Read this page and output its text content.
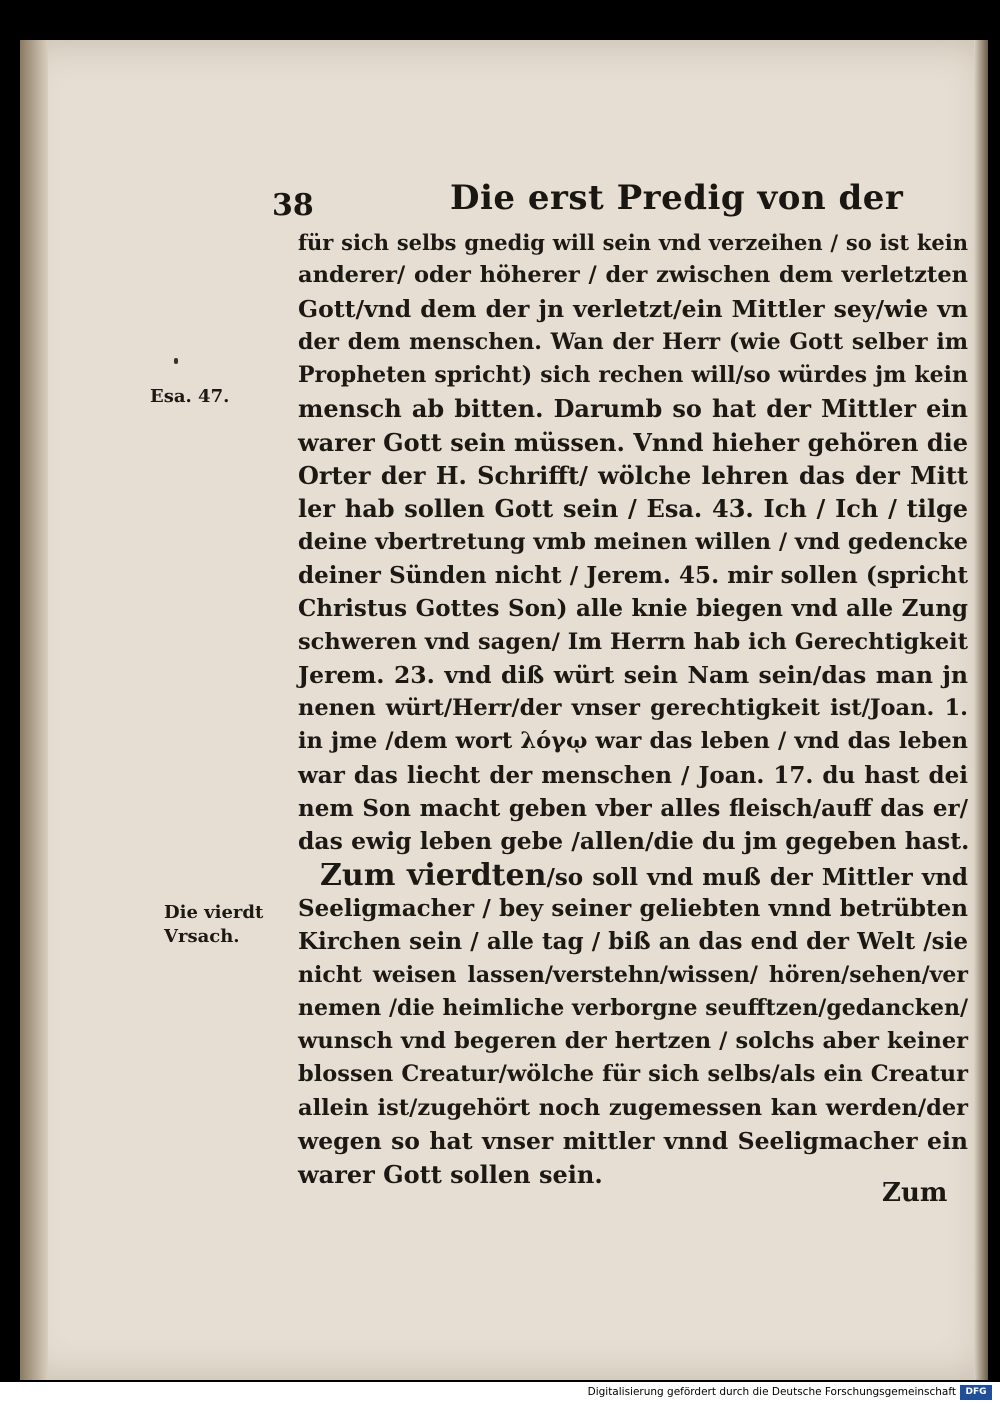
38	Die erst Predig von der
für sich selbs gnedig will sein vnd verzeihen / so ist kein
anderer/ oder höherer / der zwischen dem verletzten
Gott/vnd dem der jn verletzt/ein Mittler sey/wie vn
der dem menschen. Wan der Herr (wie Gott selber im
Propheten spricht) sich rechen will/so würdes jm kein
mensch ab bitten. Darumb so hat der Mittler ein
warer Gott sein müssen. Vnnd hieher gehören die
Orter der H. Schrifft/ wölche lehren das der Mitt
ler hab sollen Gott sein / Esa. 43. Ich / Ich / tilge
deine vbertretung vmb meinen willen / vnd gedencke
deiner Sünden nicht / Jerem. 45. mir sollen (spricht
Christus Gottes Son) alle knie biegen vnd alle Zung
schweren vnd sagen/ Im Herrn hab ich Gerechtigkeit
Jerem. 23. vnd diß würt sein Nam sein/das man jn
nenen würt/Herr/der vnser gerechtigkeit ist/Joan. 1.
in jme /dem wort λόγῳ war das leben / vnd das leben
war das liecht der menschen / Joan. 17. du hast dei
nem Son macht geben vber alles fleisch/auff das er/
das ewig leben gebe /allen/die du jm gegeben hast.
Zum vierdten/so soll vnd muß der Mittler vnd
Seeligmacher / bey seiner geliebten vnnd betrübten
Kirchen sein / alle tag / biß an das end der Welt /sie
nicht weisen lassen/verstehn/wissen/ hören/sehen/ver
nemen /die heimliche verborgne seufftzen/gedancken/
wunsch vnd begeren der hertzen / solchs aber keiner
blossen Creatur/wölche für sich selbs/als ein Creatur
allein ist/zugehört noch zugemessen kan werden/der
wegen so hat vnser mittler vnnd Seeligmacher ein
warer Gott sollen sein.
Zum
Esa. 47.
Die vierdt
Vrsach.
Digitalisierung gefördert durch die Deutsche Forschungsgemeinschaft	DFG
